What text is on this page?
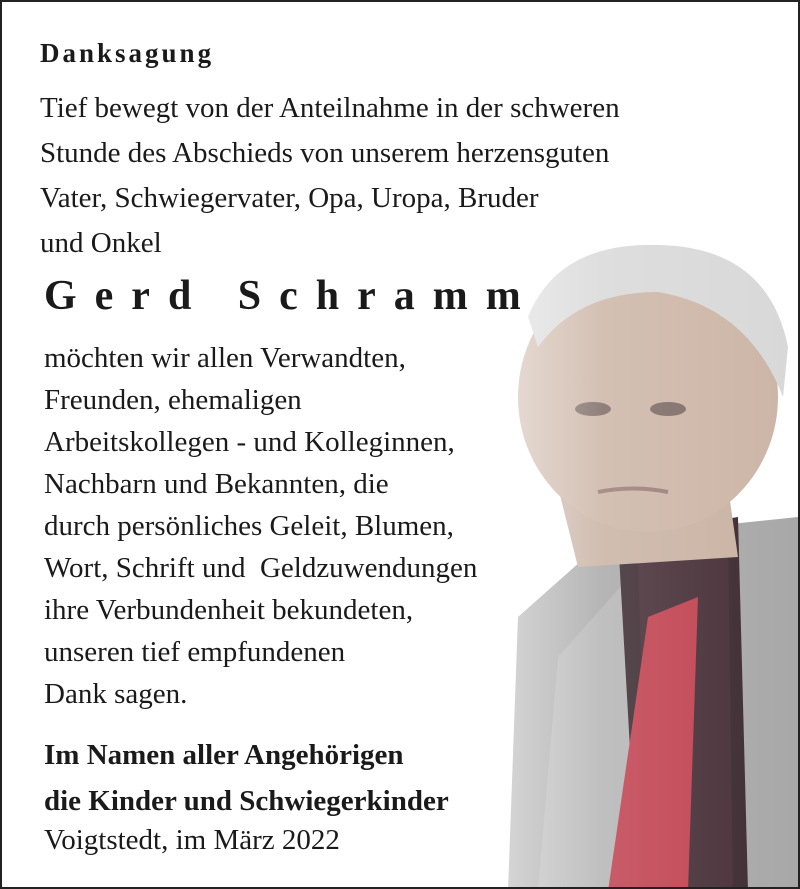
Danksagung
Tief bewegt von der Anteilnahme in der schweren
Stunde des Abschieds von unserem herzensguten
Vater, Schwiegervater, Opa, Uropa, Bruder
und Onkel
Gerd Schramm
möchten wir allen Verwandten,
Freunden, ehemaligen
Arbeitskollegen - und Kolleginnen,
Nachbarn und Bekannten, die
durch persönliches Geleit, Blumen,
Wort, Schrift und  Geldzuwendungen
ihre Verbundenheit bekundeten,
unseren tief empfundenen
Dank sagen.
Im Namen aller Angehörigen
die Kinder und Schwiegerkinder
Voigtstedt, im März 2022
